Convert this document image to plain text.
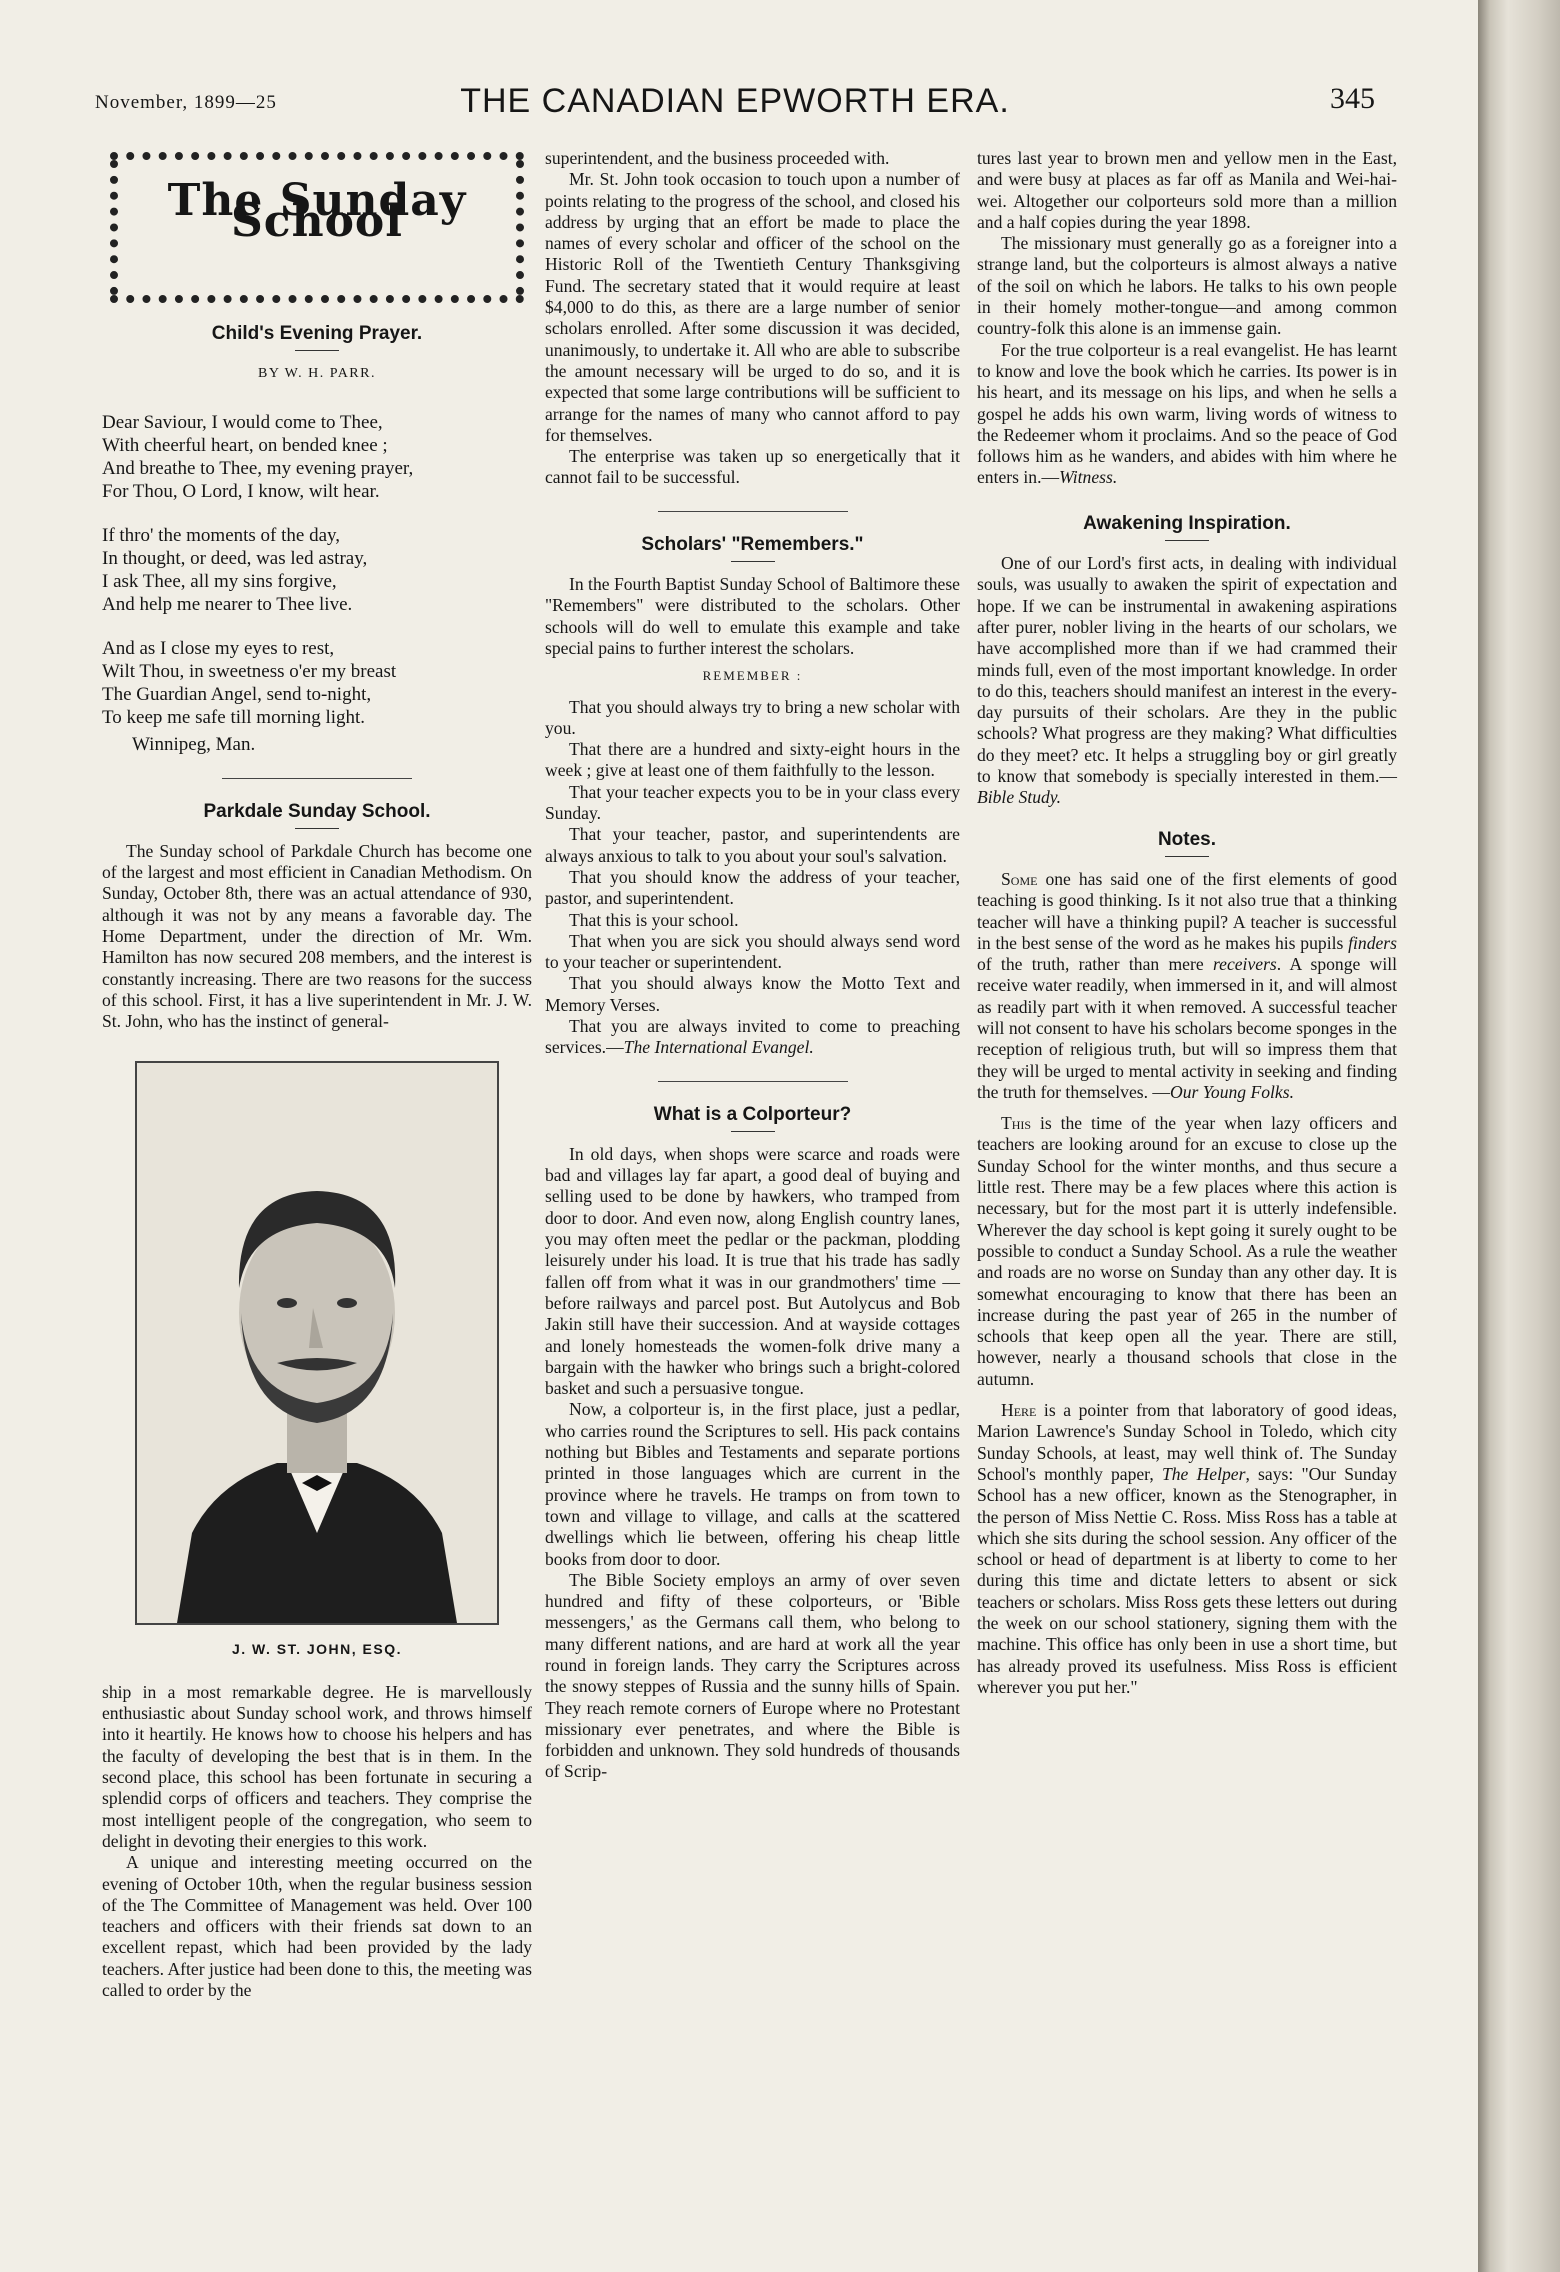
November, 1899—25	THE CANADIAN EPWORTH ERA.	345
The Sunday School
Child's Evening Prayer.
BY W. H. PARR.
Dear Saviour, I would come to Thee,
With cheerful heart, on bended knee ;
And breathe to Thee, my evening prayer,
For Thou, O Lord, I know, wilt hear.
If thro' the moments of the day,
In thought, or deed, was led astray,
I ask Thee, all my sins forgive,
And help me nearer to Thee live.
And as I close my eyes to rest,
Wilt Thou, in sweetness o'er my breast
The Guardian Angel, send to-night,
To keep me safe till morning light.
Winnipeg, Man.
Parkdale Sunday School.

The Sunday school of Parkdale Church has become one of the largest and most efficient in Canadian Methodism. On Sunday, October 8th, there was an actual attendance of 930, although it was not by any means a favorable day. The Home Department, under the direction of Mr. Wm. Hamilton has now secured 208 members, and the interest is constantly increasing. There are two reasons for the success of this school. First, it has a live superintendent in Mr. J. W. St. John, who has the instinct of general-

J. W. ST. JOHN, ESQ.

ship in a most remarkable degree. He is marvellously enthusiastic about Sunday school work, and throws himself into it heartily. He knows how to choose his helpers and has the faculty of developing the best that is in them. In the second place, this school has been fortunate in securing a splendid corps of officers and teachers. They comprise the most intelligent people of the congregation, who seem to delight in devoting their energies to this work.

A unique and interesting meeting occurred on the evening of October 10th, when the regular business session of the The Committee of Management was held. Over 100 teachers and officers with their friends sat down to an excellent repast, which had been provided by the lady teachers. After justice had been done to this, the meeting was called to order by the

superintendent, and the business proceeded with.

Mr. St. John took occasion to touch upon a number of points relating to the progress of the school, and closed his address by urging that an effort be made to place the names of every scholar and officer of the school on the Historic Roll of the Twentieth Century Thanksgiving Fund. The secretary stated that it would require at least $4,000 to do this, as there are a large number of senior scholars enrolled. After some discussion it was decided, unanimously, to undertake it. All who are able to subscribe the amount necessary will be urged to do so, and it is expected that some large contributions will be sufficient to arrange for the names of many who cannot afford to pay for themselves.

The enterprise was taken up so energetically that it cannot fail to be successful.

Scholars' "Remembers."

In the Fourth Baptist Sunday School of Baltimore these "Remembers" were distributed to the scholars. Other schools will do well to emulate this example and take special pains to further interest the scholars.

REMEMBER :

That you should always try to bring a new scholar with you.

That there are a hundred and sixty-eight hours in the week ; give at least one of them faithfully to the lesson.

That your teacher expects you to be in your class every Sunday.

That your teacher, pastor, and superintendents are always anxious to talk to you about your soul's salvation.

That you should know the address of your teacher, pastor, and superintendent.

That this is your school.

That when you are sick you should always send word to your teacher or superintendent.

That you should always know the Motto Text and Memory Verses.

That you are always invited to come to preaching services.—The International Evangel.

What is a Colporteur?

In old days, when shops were scarce and roads were bad and villages lay far apart, a good deal of buying and selling used to be done by hawkers, who tramped from door to door. And even now, along English country lanes, you may often meet the pedlar or the packman, plodding leisurely under his load. It is true that his trade has sadly fallen off from what it was in our grandmothers' time —before railways and parcel post. But Autolycus and Bob Jakin still have their succession. And at wayside cottages and lonely homesteads the women-folk drive many a bargain with the hawker who brings such a bright-colored basket and such a persuasive tongue.

Now, a colporteur is, in the first place, just a pedlar, who carries round the Scriptures to sell. His pack contains nothing but Bibles and Testaments and separate portions printed in those languages which are current in the province where he travels. He tramps on from town to town and village to village, and calls at the scattered dwellings which lie between, offering his cheap little books from door to door.

The Bible Society employs an army of over seven hundred and fifty of these colporteurs, or 'Bible messengers,' as the Germans call them, who belong to many different nations, and are hard at work all the year round in foreign lands. They carry the Scriptures across the snowy steppes of Russia and the sunny hills of Spain. They reach remote corners of Europe where no Protestant missionary ever penetrates, and where the Bible is forbidden and unknown. They sold hundreds of thousands of Scrip-

tures last year to brown men and yellow men in the East, and were busy at places as far off as Manila and Wei-hai-wei. Altogether our colporteurs sold more than a million and a half copies during the year 1898.

The missionary must generally go as a foreigner into a strange land, but the colporteurs is almost always a native of the soil on which he labors. He talks to his own people in their homely mother-tongue—and among common country-folk this alone is an immense gain.

For the true colporteur is a real evangelist. He has learnt to know and love the book which he carries. Its power is in his heart, and its message on his lips, and when he sells a gospel he adds his own warm, living words of witness to the Redeemer whom it proclaims. And so the peace of God follows him as he wanders, and abides with him where he enters in.—Witness.

Awakening Inspiration.

One of our Lord's first acts, in dealing with individual souls, was usually to awaken the spirit of expectation and hope. If we can be instrumental in awakening aspirations after purer, nobler living in the hearts of our scholars, we have accomplished more than if we had crammed their minds full, even of the most important knowledge. In order to do this, teachers should manifest an interest in the every-day pursuits of their scholars. Are they in the public schools? What progress are they making? What difficulties do they meet? etc. It helps a struggling boy or girl greatly to know that somebody is specially interested in them.—Bible Study.

Notes.

Some one has said one of the first elements of good teaching is good thinking. Is it not also true that a thinking teacher will have a thinking pupil? A teacher is successful in the best sense of the word as he makes his pupils finders of the truth, rather than mere receivers. A sponge will receive water readily, when immersed in it, and will almost as readily part with it when removed. A successful teacher will not consent to have his scholars become sponges in the reception of religious truth, but will so impress them that they will be urged to mental activity in seeking and finding the truth for themselves. —Our Young Folks.

This is the time of the year when lazy officers and teachers are looking around for an excuse to close up the Sunday School for the winter months, and thus secure a little rest. There may be a few places where this action is necessary, but for the most part it is utterly indefensible. Wherever the day school is kept going it surely ought to be possible to conduct a Sunday School. As a rule the weather and roads are no worse on Sunday than any other day. It is somewhat encouraging to know that there has been an increase during the past year of 265 in the number of schools that keep open all the year. There are still, however, nearly a thousand schools that close in the autumn.

Here is a pointer from that laboratory of good ideas, Marion Lawrence's Sunday School in Toledo, which city Sunday Schools, at least, may well think of. The Sunday School's monthly paper, The Helper, says: "Our Sunday School has a new officer, known as the Stenographer, in the person of Miss Nettie C. Ross. Miss Ross has a table at which she sits during the school session. Any officer of the school or head of department is at liberty to come to her during this time and dictate letters to absent or sick teachers or scholars. Miss Ross gets these letters out during the week on our school stationery, signing them with the machine. This office has only been in use a short time, but has already proved its usefulness. Miss Ross is efficient wherever you put her."
